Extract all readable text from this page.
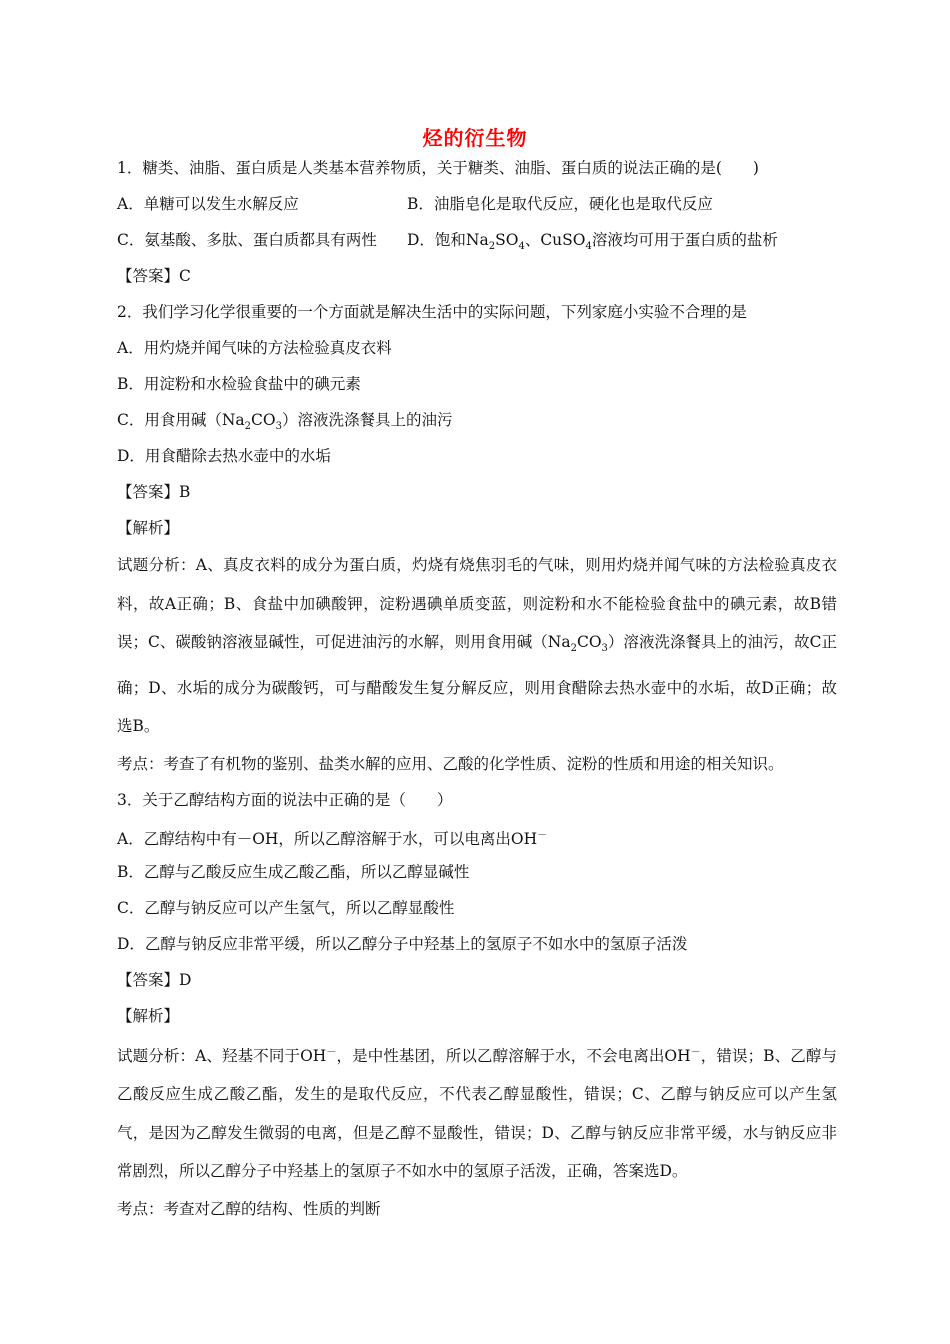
烃的衍生物
1．糖类、油脂、蛋白质是人类基本营养物质，关于糖类、油脂、蛋白质的说法正确的是(　　)
A．单糖可以发生水解反应	B．油脂皂化是取代反应，硬化也是取代反应
C．氨基酸、多肽、蛋白质都具有两性	D．饱和$Na_2SO_4$、CuSO$_4$溶液均可用于蛋白质的盐析
【答案】C
2．我们学习化学很重要的一个方面就是解决生活中的实际问题，下列家庭小实验不合理的是
A．用灼烧并闻气味的方法检验真皮衣料
B．用淀粉和水检验食盐中的碘元素
C．用食用碱$(Na_2CO_3)$溶液洗涤餐具上的油污
D．用食醋除去热水壶中的水垢
【答案】B
【解析】
试题分析：A、真皮衣料的成分为蛋白质，灼烧有烧焦羽毛的气味，则用灼烧并闻气味的方法检验真皮衣料，故A正确；B、食盐中加碘酸钾，淀粉遇碘单质变蓝，则淀粉和水不能检验食盐中的碘元素，故B错误；C、碳酸钠溶液显碱性，可促进油污的水解，则用食用碱$(Na_2CO_3)$溶液洗涤餐具上的油污，故C正确；D、水垢的成分为碳酸钙，可与醋酸发生复分解反应，则用食醋除去热水壶中的水垢，故D正确；故选B。
考点：考查了有机物的鉴别、盐类水解的应用、乙酸的化学性质、淀粉的性质和用途的相关知识。
3．关于乙醇结构方面的说法中正确的是（　　）
A．乙醇结构中有－OH，所以乙醇溶解于水，可以电离出OH－
B．乙醇与乙酸反应生成乙酸乙酯，所以乙醇显碱性
C．乙醇与钠反应可以产生氢气，所以乙醇显酸性
D．乙醇与钠反应非常平缓，所以乙醇分子中羟基上的氢原子不如水中的氢原子活泼
【答案】D
【解析】
试题分析：A、羟基不同于OH－，是中性基团，所以乙醇溶解于水，不会电离出OH－，错误；B、乙醇与乙酸反应生成乙酸乙酯，发生的是取代反应，不代表乙醇显酸性，错误；C、乙醇与钠反应可以产生氢气，是因为乙醇发生微弱的电离，但是乙醇不显酸性，错误；D、乙醇与钠反应非常平缓，水与钠反应非常剧烈，所以乙醇分子中羟基上的氢原子不如水中的氢原子活泼，正确，答案选D。
考点：考查对乙醇的结构、性质的判断
